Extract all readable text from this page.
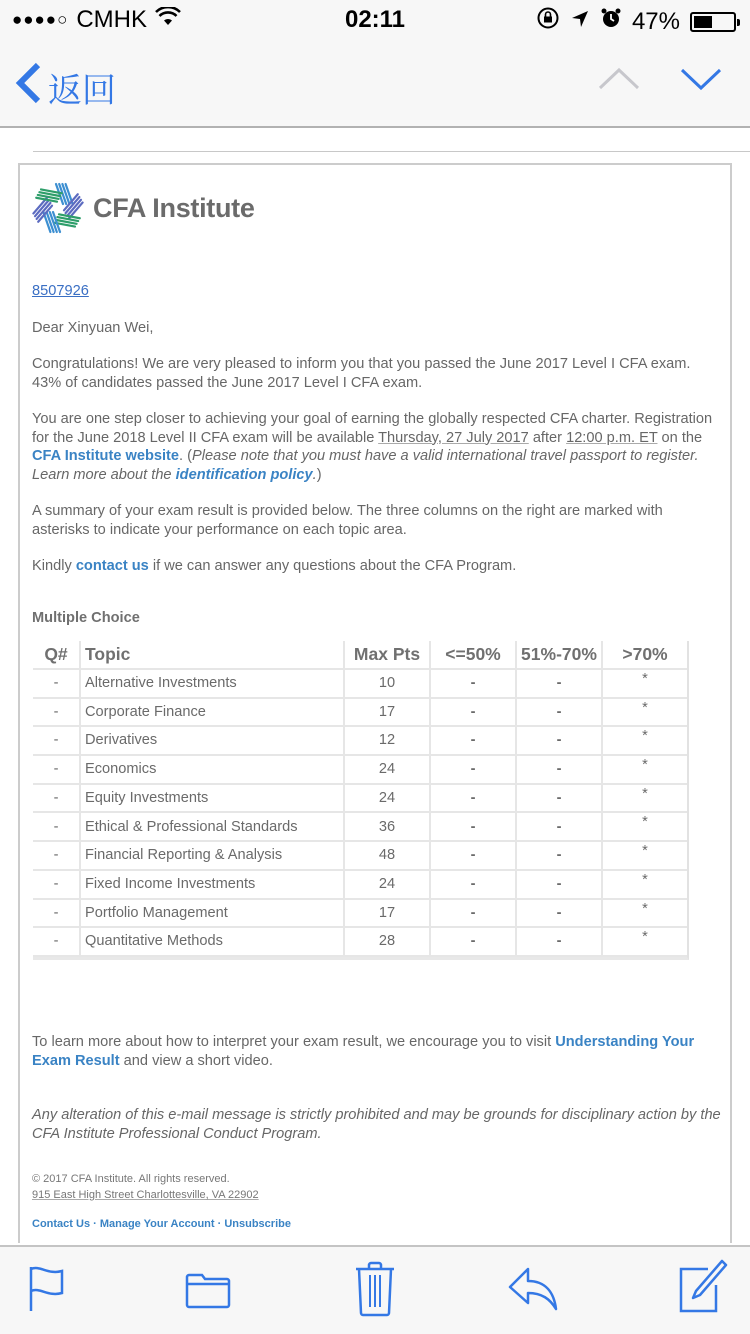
●●●●○ CMHK	02:11	47%
返回
CFA Institute
8507926
Dear Xinyuan Wei,
Congratulations! We are very pleased to inform you that you passed the June 2017 Level I CFA exam. 43% of candidates passed the June 2017 Level I CFA exam.
You are one step closer to achieving your goal of earning the globally respected CFA charter. Registration for the June 2018 Level II CFA exam will be available Thursday, 27 July 2017 after 12:00 p.m. ET on the CFA Institute website. (Please note that you must have a valid international travel passport to register. Learn more about the identification policy.)
A summary of your exam result is provided below. The three columns on the right are marked with asterisks to indicate your performance on each topic area.
Kindly contact us if we can answer any questions about the CFA Program.
Multiple Choice
Q#	Topic	Max Pts	<=50%	51%-70%	>70%
-	Alternative Investments	10	-	-	*
-	Corporate Finance	17	-	-	*
-	Derivatives	12	-	-	*
-	Economics	24	-	-	*
-	Equity Investments	24	-	-	*
-	Ethical & Professional Standards	36	-	-	*
-	Financial Reporting & Analysis	48	-	-	*
-	Fixed Income Investments	24	-	-	*
-	Portfolio Management	17	-	-	*
-	Quantitative Methods	28	-	-	*
To learn more about how to interpret your exam result, we encourage you to visit Understanding Your Exam Result and view a short video.
Any alteration of this e-mail message is strictly prohibited and may be grounds for disciplinary action by the CFA Institute Professional Conduct Program.
© 2017 CFA Institute. All rights reserved.
915 East High Street Charlottesville, VA 22902
Contact Us · Manage Your Account · Unsubscribe
